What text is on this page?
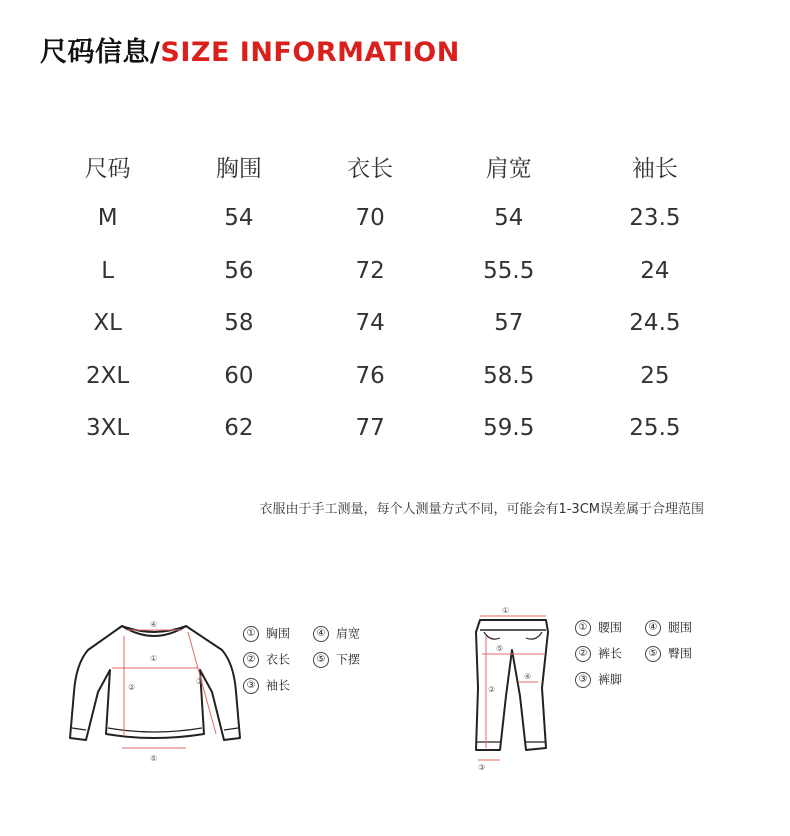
尺码信息/SIZE INFORMATION
尺码	胸围	衣长	肩宽	袖长
M	54	70	54	23.5
L	56	72	55.5	24
XL	58	74	57	24.5
2XL	60	76	58.5	25
3XL	62	77	59.5	25.5
衣服由于手工测量，每个人测量方式不同，可能会有1-3CM误差属于合理范围
①
②
③
④
⑤
① 胸围	④ 肩宽
② 衣长	⑤ 下摆
③ 袖长
①
②
③
④
⑤
① 腰围	④ 腿围
② 裤长	⑤ 臀围
③ 裤脚
